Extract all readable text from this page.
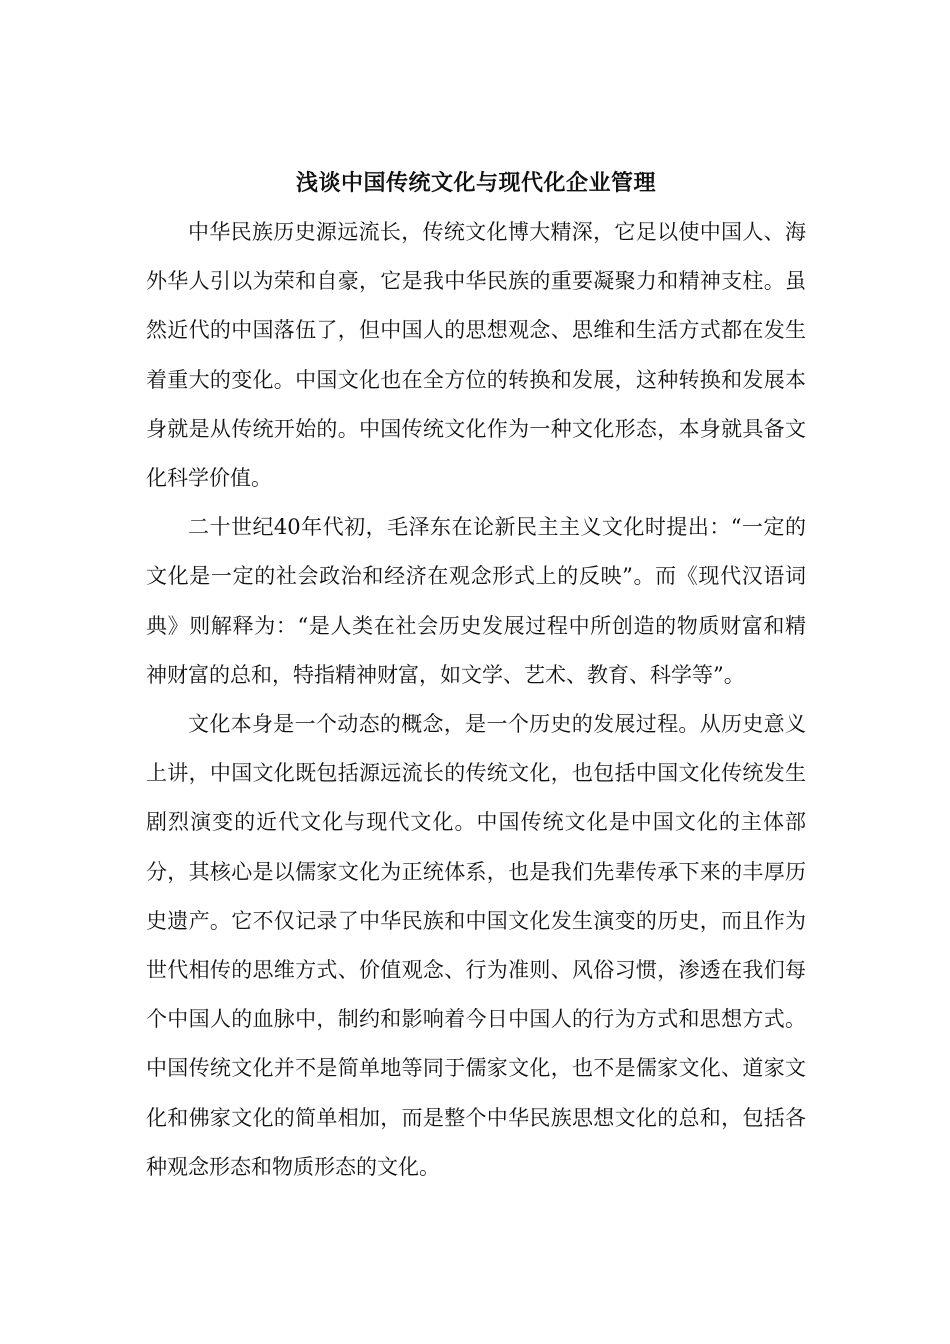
浅谈中国传统文化与现代化企业管理

中华民族历史源远流长，传统文化博大精深，它足以使中国人、海外华人引以为荣和自豪，它是我中华民族的重要凝聚力和精神支柱。虽然近代的中国落伍了，但中国人的思想观念、思维和生活方式都在发生着重大的变化。中国文化也在全方位的转换和发展，这种转换和发展本身就是从传统开始的。中国传统文化作为一种文化形态，本身就具备文化科学价值。

二十世纪40年代初，毛泽东在论新民主主义文化时提出：“一定的文化是一定的社会政治和经济在观念形式上的反映”。而《现代汉语词典》则解释为：“是人类在社会历史发展过程中所创造的物质财富和精神财富的总和，特指精神财富，如文学、艺术、教育、科学等”。

文化本身是一个动态的概念，是一个历史的发展过程。从历史意义上讲，中国文化既包括源远流长的传统文化，也包括中国文化传统发生剧烈演变的近代文化与现代文化。中国传统文化是中国文化的主体部分，其核心是以儒家文化为正统体系，也是我们先辈传承下来的丰厚历史遗产。它不仅记录了中华民族和中国文化发生演变的历史，而且作为世代相传的思维方式、价值观念、行为准则、风俗习惯，渗透在我们每个中国人的血脉中，制约和影响着今日中国人的行为方式和思想方式。中国传统文化并不是简单地等同于儒家文化，也不是儒家文化、道家文化和佛家文化的简单相加，而是整个中华民族思想文化的总和，包括各种观念形态和物质形态的文化。
